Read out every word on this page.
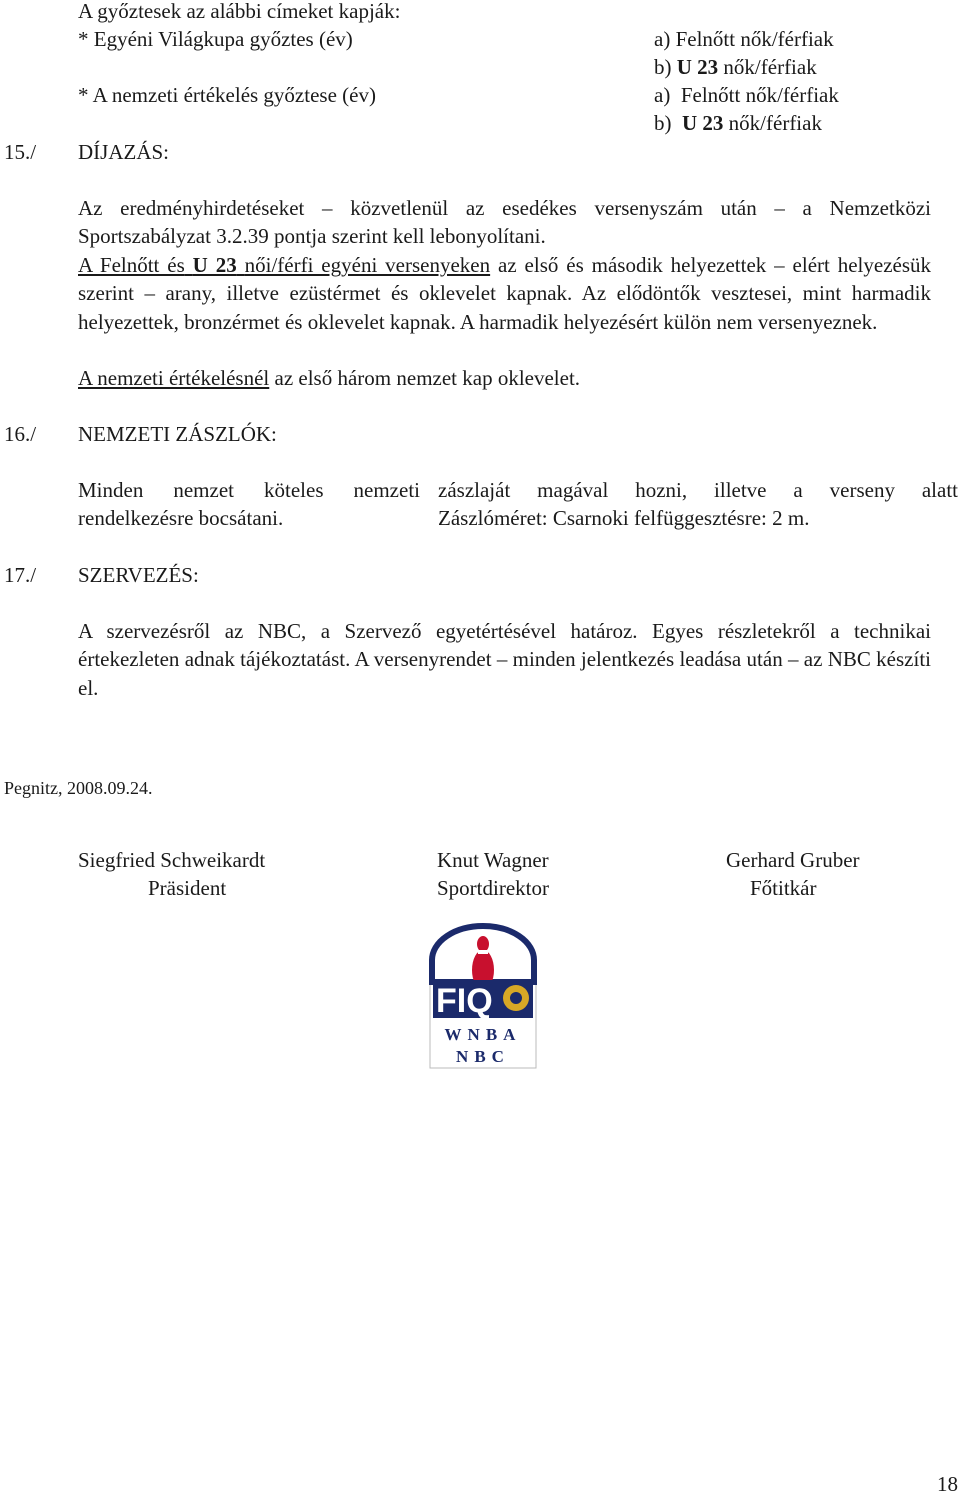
A győztesek az alábbi címeket kapják:
* Egyéni Világkupa győztes (év)	a) Felnőtt nők/férfiak
b) U 23 nők/férfiak
* A nemzeti értékelés győztese (év)	a) Felnőtt nők/férfiak
b) U 23 nők/férfiak
15./ DÍJAZÁS:
Az eredményhirdetéseket – közvetlenül az esedékes versenyszám után – a Nemzetközi Sportszabályzat 3.2.39 pontja szerint kell lebonyolítani.
A Felnőtt és U 23 női/férfi egyéni versenyeken az első és második helyezettek – elért helyezésük szerint – arany, illetve ezüstérmet és oklevelet kapnak. Az elődöntők vesztesei, mint harmadik helyezettek, bronzérmet és oklevelet kapnak. A harmadik helyezésért külön nem versenyeznek.
A nemzeti értékelésnél az első három nemzet kap oklevelet.
16./ NEMZETI ZÁSZLÓK:
Minden nemzet köteles nemzeti zászlaját magával hozni, illetve a verseny alatt
rendelkezésre bocsátani.	Zászlóméret: Csarnoki felfüggesztésre: 2 m.
17./ SZERVEZÉS:
A szervezésről az NBC, a Szervező egyetértésével határoz. Egyes részletekről a technikai értekezleten adnak tájékoztatást. A versenyrendet – minden jelentkezés leadása után – az NBC készíti el.
Pegnitz, 2008.09.24.
Siegfried Schweikardt
Präsident
Knut Wagner
Sportdirektor
Gerhard Gruber
Főtitkár
FIQ
WNBA
NBC
18
